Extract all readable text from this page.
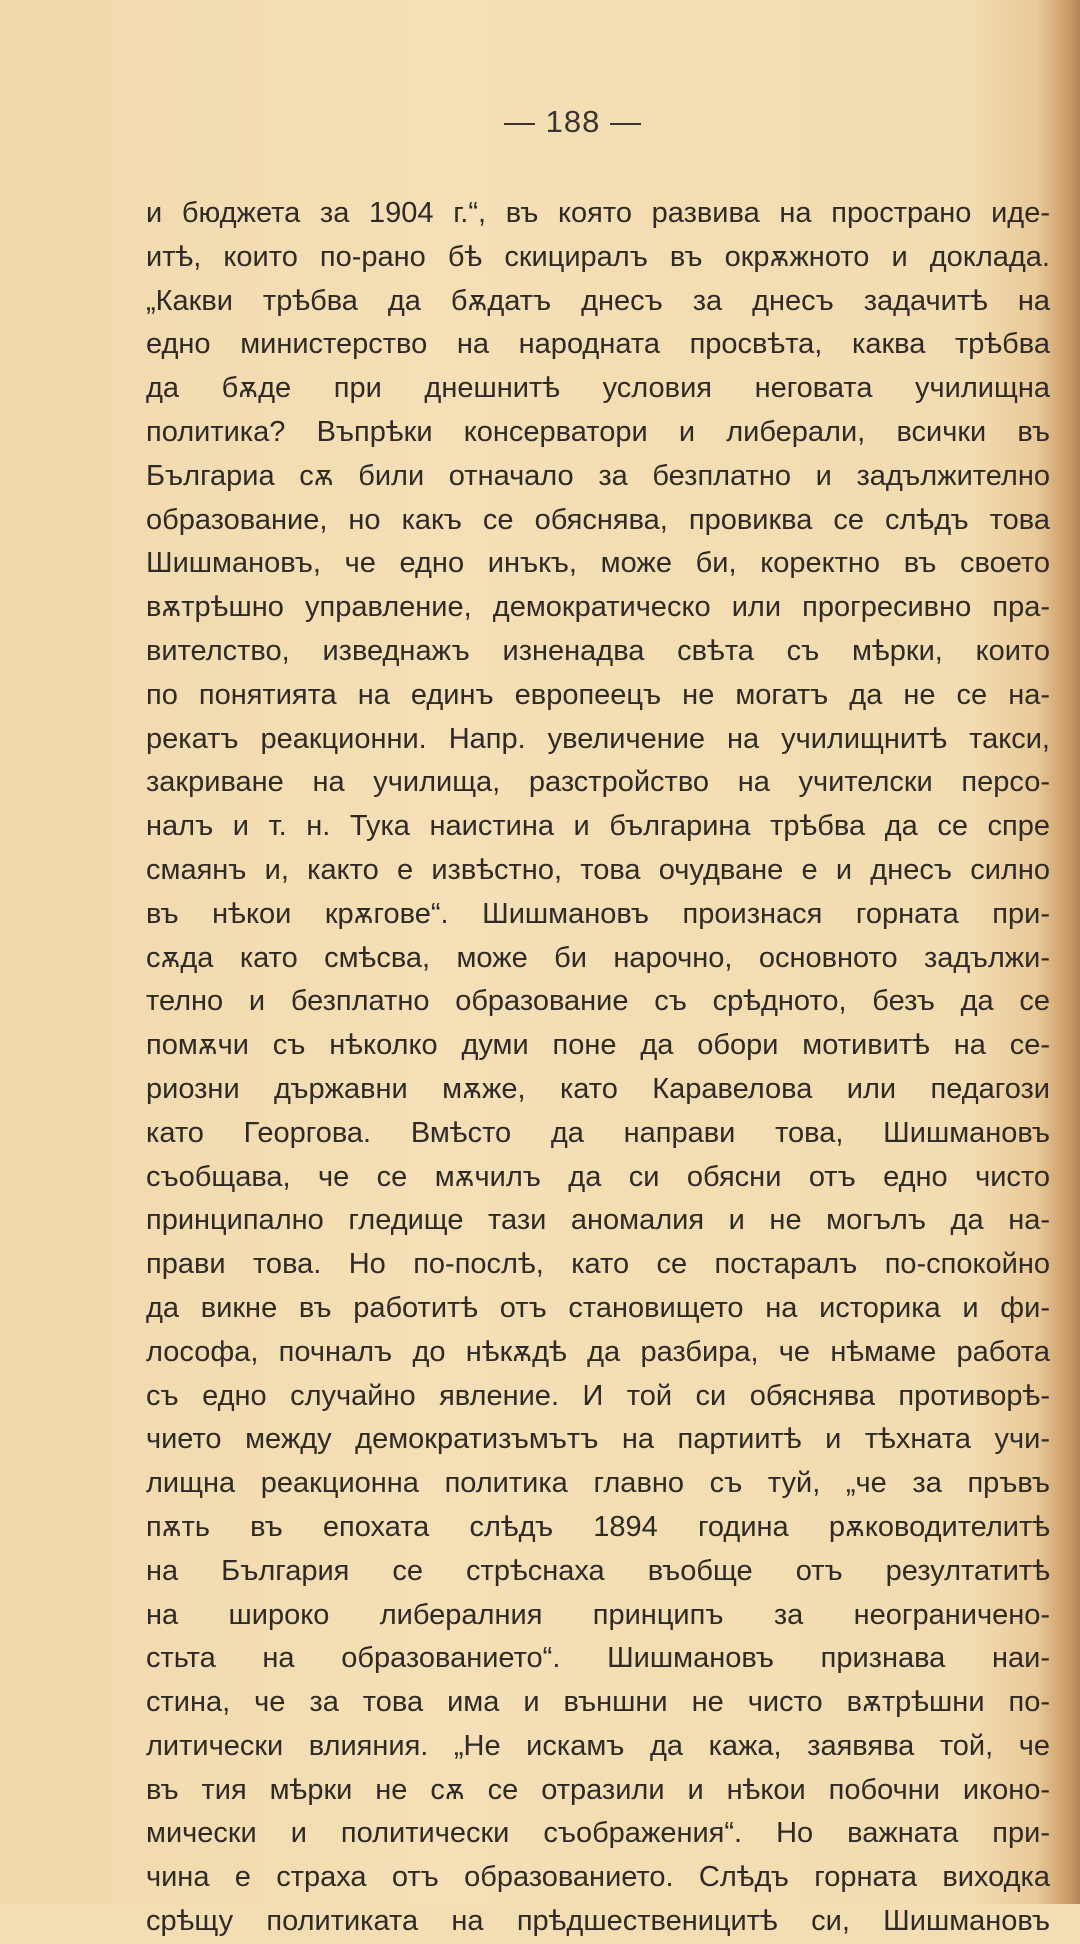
— 188 —
и бюджета за 1904 г.“, въ която развива на пространо иде-
итѣ, които по-рано бѣ скициралъ въ окрѫжното и доклада.
„Какви трѣбва да бѫдатъ днесъ за днесъ задачитѣ на
едно министерство на народната просвѣта, каква трѣбва
да бѫде при днешнитѣ условия неговата училищна
политика? Въпрѣки консерватори и либерали, всички въ
Българиа сѫ били отначало за безплатно и задължително
образование, но какъ се обяснява, провиква се слѣдъ това
Шишмановъ, че едно инъкъ, може би, коректно въ своето
вѫтрѣшно управление, демократическо или прогресивно пра-
вителство, изведнажъ изненадва свѣта съ мѣрки, които
по понятията на единъ европеецъ не могатъ да не се на-
рекатъ реакционни. Напр. увеличение на училищнитѣ такси,
закриване на училища, разстройство на учителски персо-
налъ и т. н. Тука наистина и българина трѣбва да се спре
смаянъ и, както е извѣстно, това очудване е и днесъ силно
въ нѣкои крѫгове“. Шишмановъ произнася горната при-
сѫда като смѣсва, може би нарочно, основното задължи-
телно и безплатно образование съ срѣдното, безъ да се
помѫчи съ нѣколко думи поне да обори мотивитѣ на се-
риозни държавни мѫже, като Каравелова или педагози
като Георгова. Вмѣсто да направи това, Шишмановъ
съобщава, че се мѫчилъ да си обясни отъ едно чисто
принципално гледище тази аномалия и не могълъ да на-
прави това. Но по-послѣ, като се постаралъ по-спокойно
да викне въ работитѣ отъ становището на историка и фи-
лософа, почналъ до нѣкѫдѣ да разбира, че нѣмаме работа
съ едно случайно явление. И той си обяснява противорѣ-
чието между демократизъмътъ на партиитѣ и тѣхната учи-
лищна реакционна политика главно съ туй, „че за пръвъ
пѫть въ епохата слѣдъ 1894 година рѫководителитѣ
на България се стрѣснаха въобще отъ резултатитѣ
на широко либералния принципъ за неограничено-
стьта на образованието“. Шишмановъ признава наи-
стина, че за това има и външни не чисто вѫтрѣшни по-
литически влияния. „Не искамъ да кажа, заявява той, че
въ тия мѣрки не сѫ се отразили и нѣкои побочни иконо-
мически и политически съображения“. Но важната при-
чина е страха отъ образованието. Слѣдъ горната виходка
срѣщу политиката на прѣдшественицитѣ си, Шишмановъ
